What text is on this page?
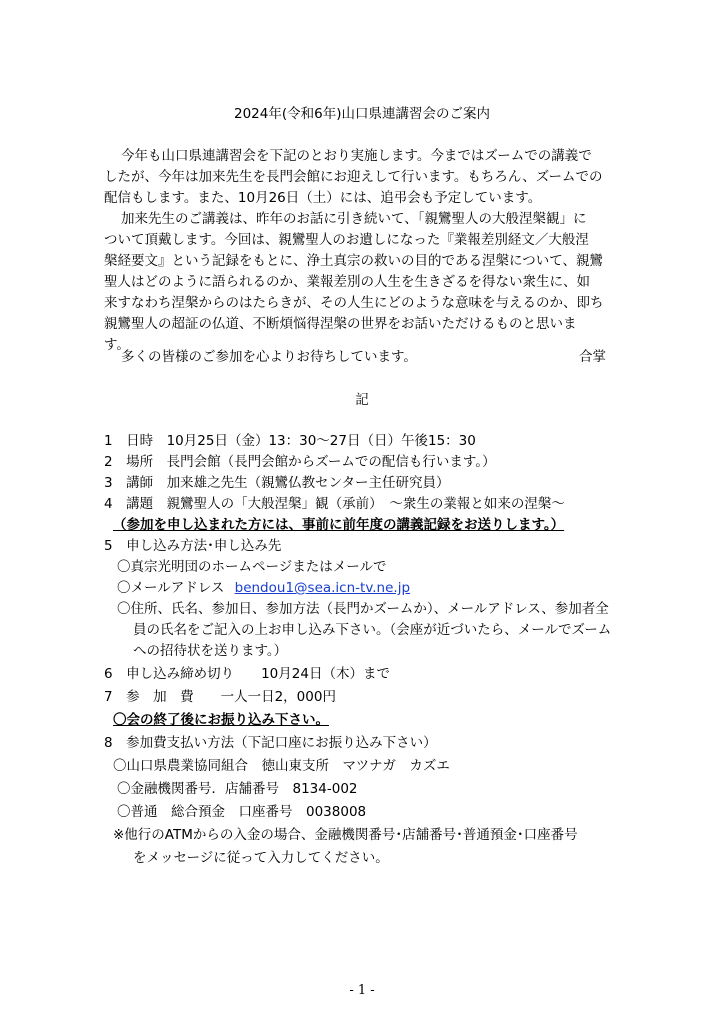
2024年(令和6年)山口県連講習会のご案内
今年も山口県連講習会を下記のとおり実施します。今まではズームでの講義で
したが、今年は加来先生を長門会館にお迎えして行います。もちろん、ズームでの
配信もします。また、10月26日（土）には、追弔会も予定しています。
加来先生のご講義は、昨年のお話に引き続いて、「親鸞聖人の大般涅槃観」に
ついて頂戴します。今回は、親鸞聖人のお遺しになった『業報差別経文／大般涅
槃経要文』という記録をもとに、浄土真宗の救いの目的である涅槃について、親鸞
聖人はどのように語られるのか、業報差別の人生を生きざるを得ない衆生に、如
来すなわち涅槃からのはたらきが、その人生にどのような意味を与えるのか、即ち
親鸞聖人の超証の仏道、不断煩悩得涅槃の世界をお話いただけるものと思いま
す。
多くの皆様のご参加を心よりお待ちしています。	合掌
記
1　日時　10月25日（金）13：30～27日（日）午後15：30
2　場所　長門会館（長門会館からズームでの配信も行います。）
3　講師　加来雄之先生（親鸞仏教センター主任研究員）
4　講題　親鸞聖人の「大般涅槃」観（承前）　～衆生の業報と如来の涅槃～
（参加を申し込まれた方には、事前に前年度の講義記録をお送りします。）
5　申し込み方法･申し込み先
〇真宗光明団のホームページまたはメールで
〇メールアドレス bendou1@sea.icn-tv.ne.jp
〇住所、氏名、参加日、参加方法（長門かズームか）、メールアドレス、参加者全
員の氏名をご記入の上お申し込み下さい。（会座が近づいたら、メールでズーム
への招待状を送ります。）
6　申し込み締め切り　　10月24日（木）まで
7　参　加　費　　一人一日2，000円
〇会の終了後にお振り込み下さい。
8　参加費支払い方法（下記口座にお振り込み下さい）
〇山口県農業協同組合　徳山東支所　マツナガ　カズエ
〇金融機関番号．店舗番号　8134-002
〇普通　総合預金　口座番号　0038008
※他行のATMからの入金の場合、金融機関番号･店舗番号･普通預金･口座番号
をメッセージに従って入力してください。
- 1 -
